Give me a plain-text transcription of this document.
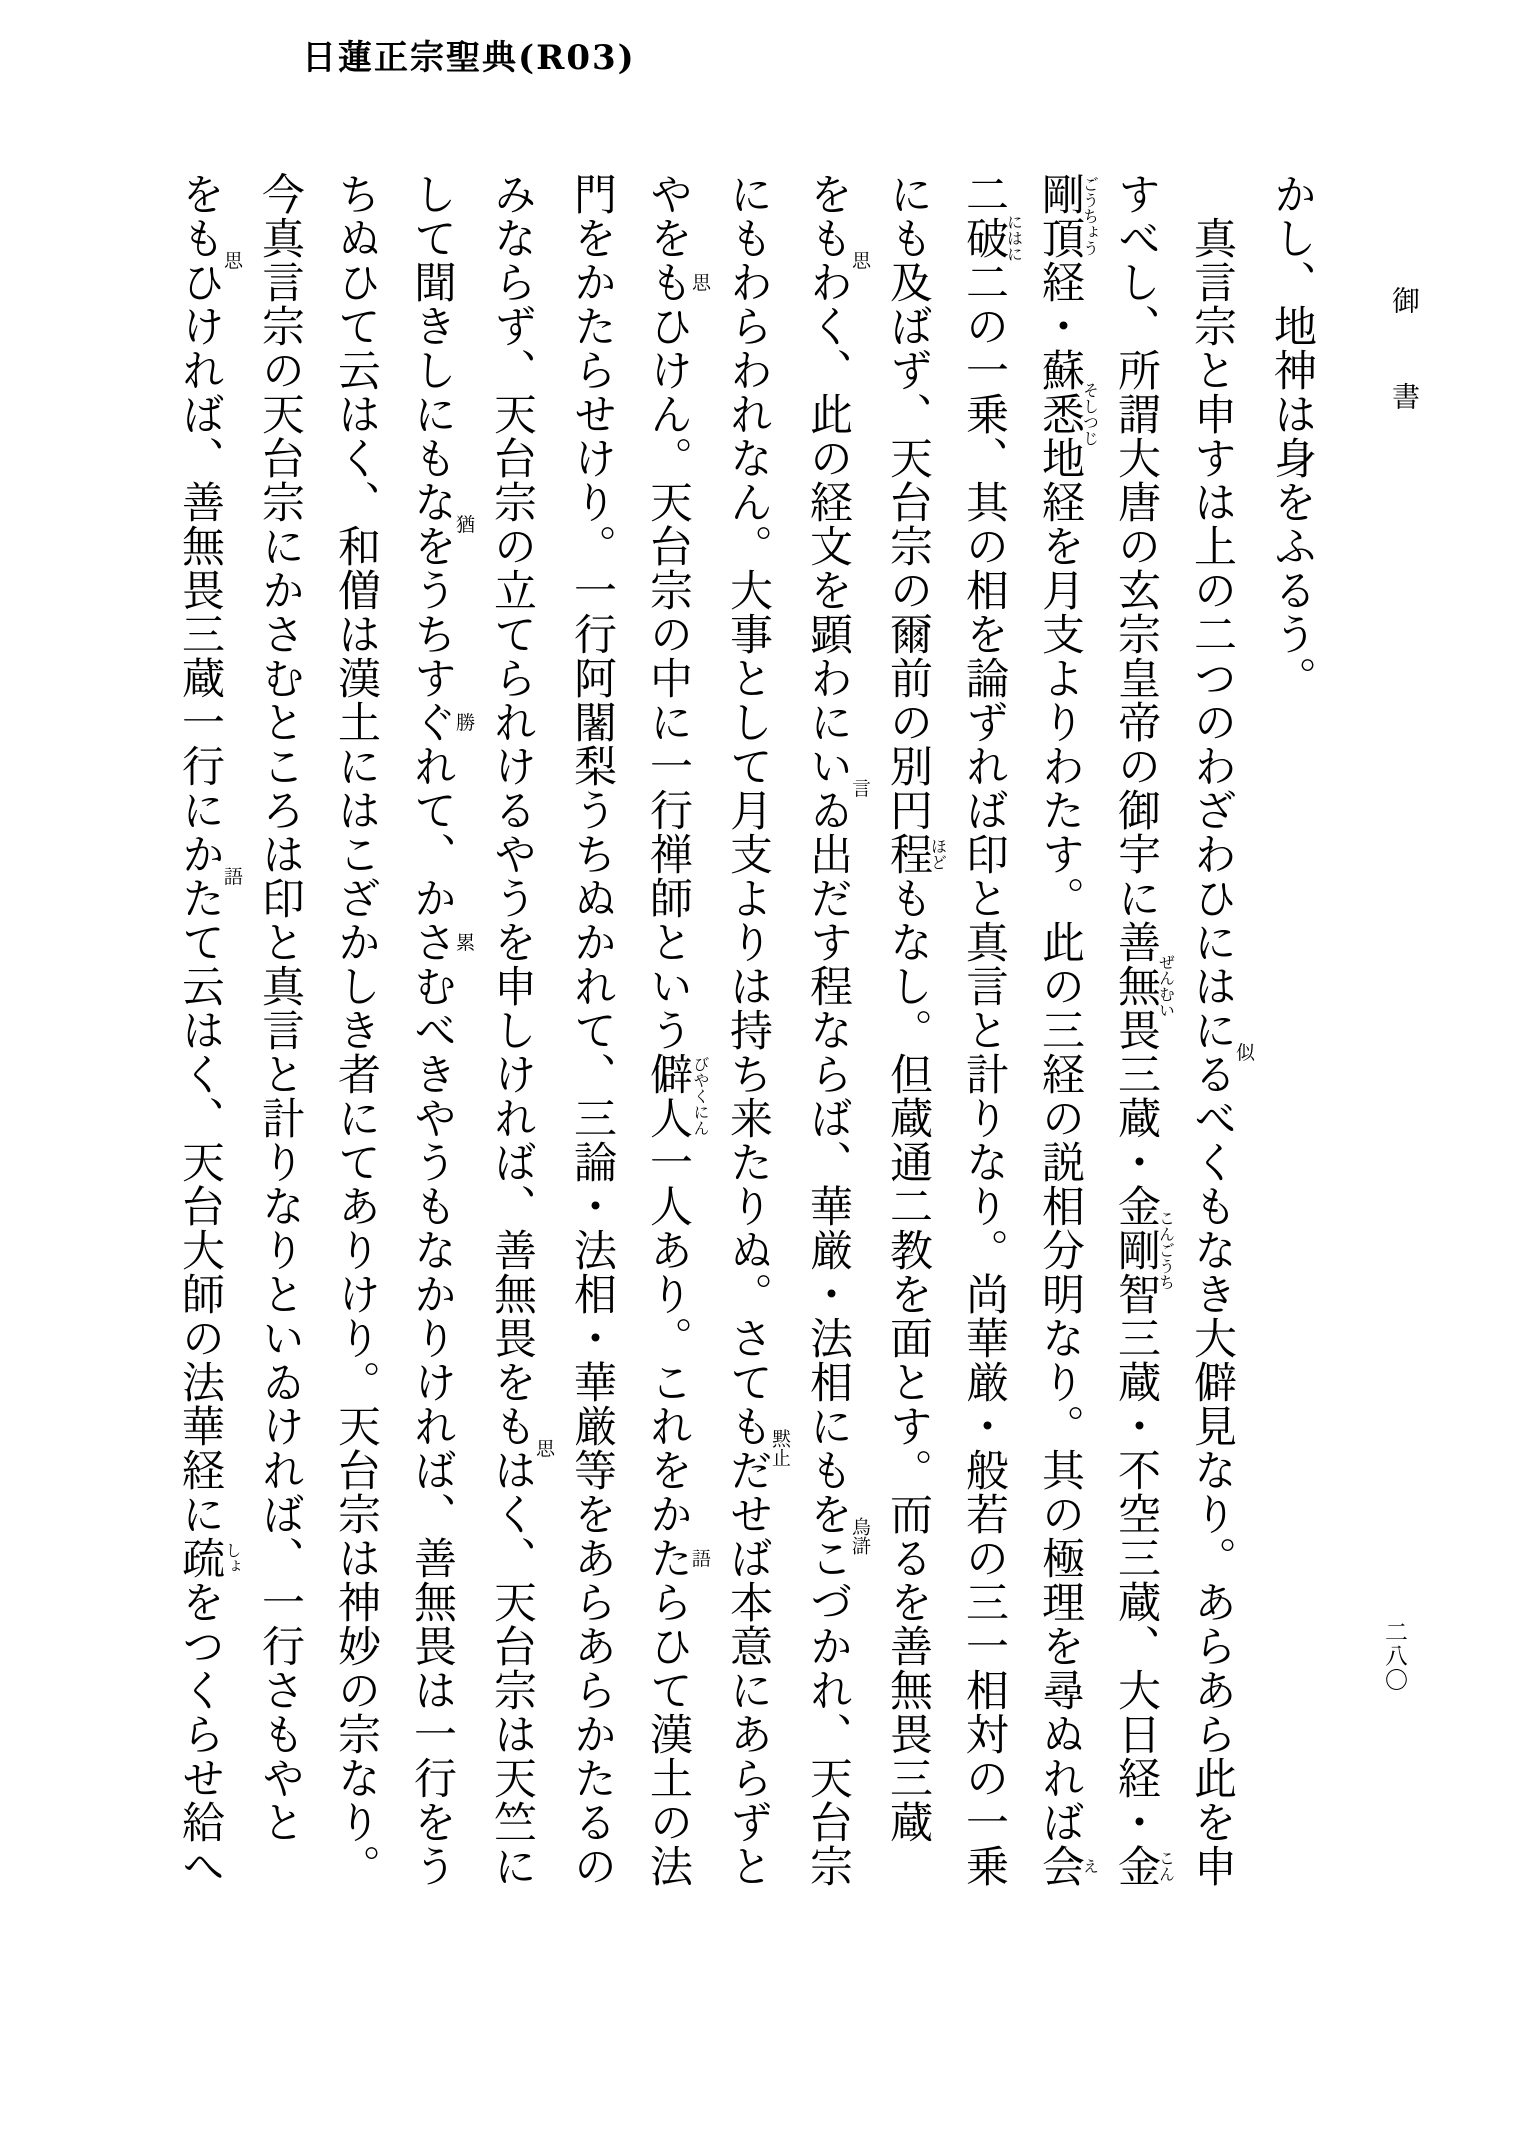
日蓮正宗聖典(R03)
御書
二八〇

かし、地神は身をふるう。

　真言宗と申すは上の二つのわざわひにはにる似べくもなき大僻見なり。あらあら此を申

すべし、所謂大唐の玄宗皇帝の御宇に善無畏ぜんむい三蔵・金剛智こんごうち三蔵・不空三蔵、大日経・金こん

剛頂ごうちょう経・蘇悉地そしつじ経を月支よりわたす。此の三経の説相分明なり。其の極理を尋ぬれば会え

二破二にはにの一乗、其の相を論ずれば印と真言と計りなり。尚華厳・般若の三一相対の一乗

にも及ばず、天台宗の爾前の別円程ほどもなし。但蔵通二教を面とす。而るを善無畏三蔵

をもわ思く、此の経文を顕わにいゐ言出だす程ならば、華厳・法相にもをこ烏滸づかれ、天台宗

にもわらわれなん。大事として月支よりは持ち来たりぬ。さてもだ黙止せば本意にあらずと

やをもひ思けん。天台宗の中に一行禅師という僻人びやくにん一人あり。これをかたら語ひて漢土の法

門をかたらせけり。一行阿闍梨うちぬかれて、三論・法相・華厳等をあらあらかたるの

みならず、天台宗の立てられけるやうを申しければ、善無畏をもは思く、天台宗は天竺に

して聞きしにもなを猶うちすぐれ勝て、かさむ累べきやうもなかりければ、善無畏は一行をう

ちぬひて云はく、和僧は漢土にはこざかしき者にてありけり。天台宗は神妙の宗なり。

今真言宗の天台宗にかさむところは印と真言と計りなりといゐければ、一行さもやと

をもひ思ければ、善無畏三蔵一行にかた語て云はく、天台大師の法華経に疏しょをつくらせ給へ
